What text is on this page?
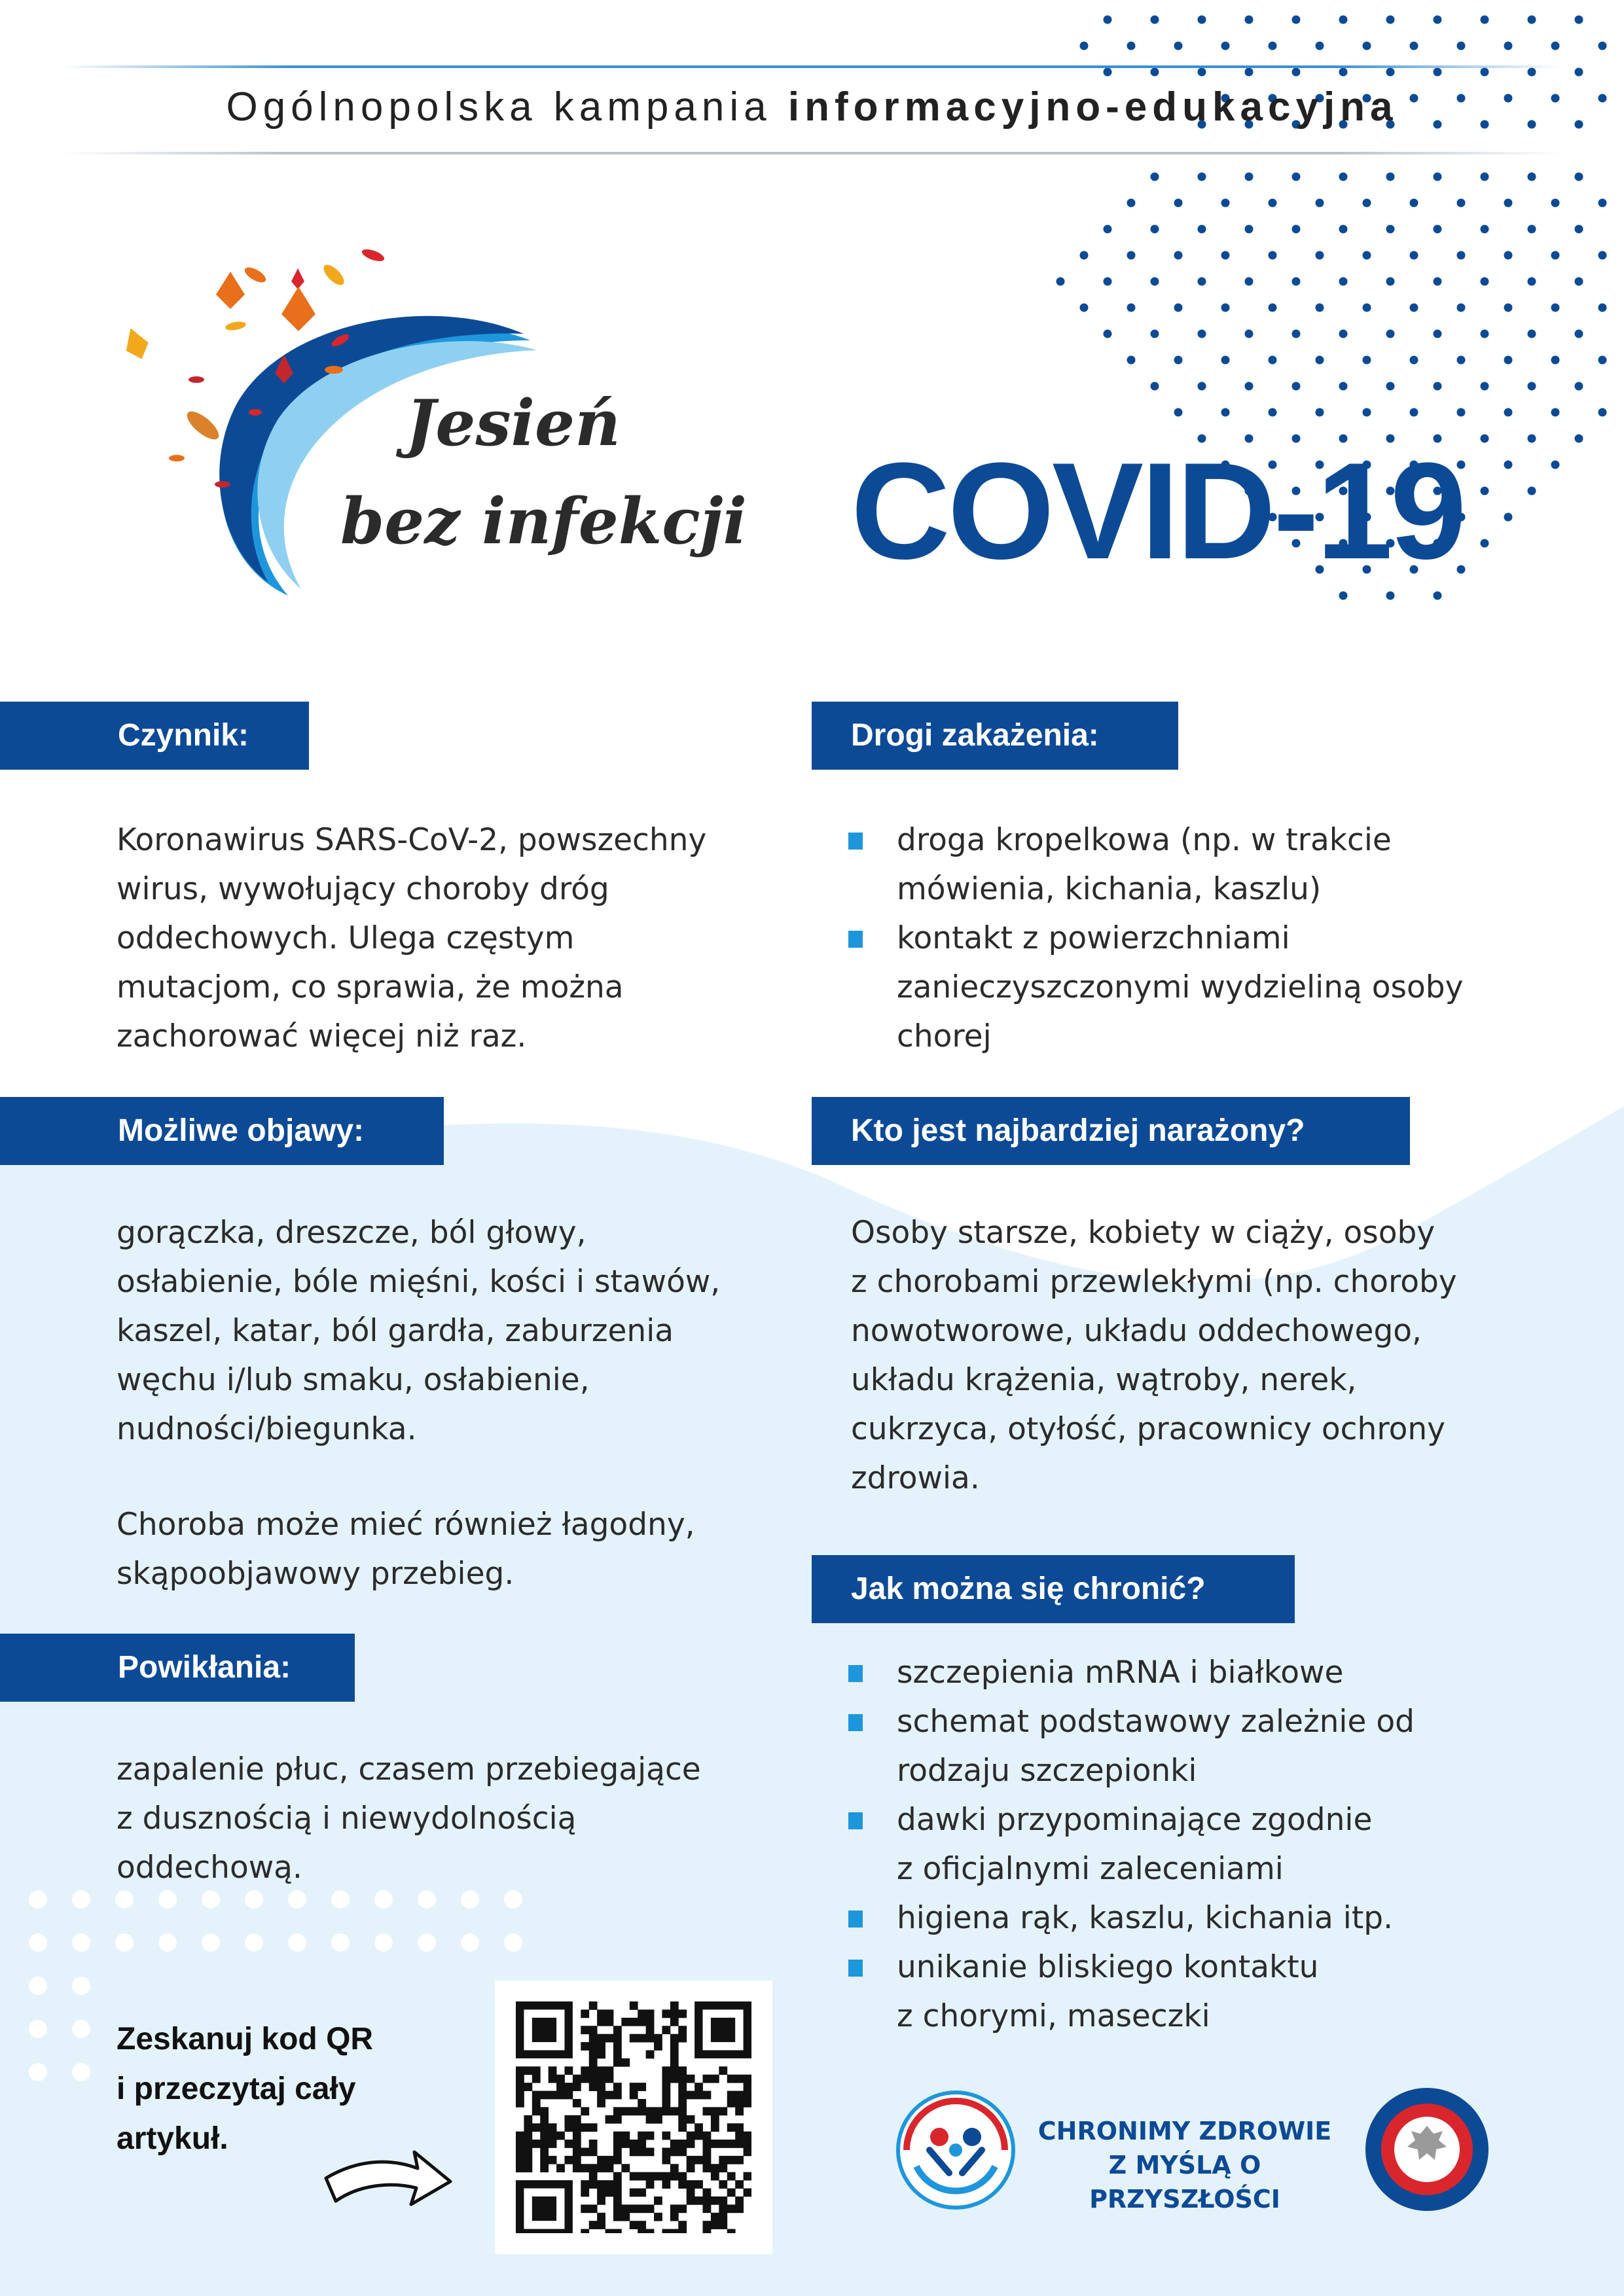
Ogólnopolska kampania informacyjno-edukacyjna
Jesień
bez infekcji COVID-19
Czynnik:	Drogi zakażenia:
Możliwe objawy:	Kto jest najbardziej narażony?
Powikłania:
Jak można się chronić?

Koronawirus SARS-CoV-2, powszechny
wirus, wywołujący choroby dróg
oddechowych. Ulega częstym
mutacjom, co sprawia, że można
zachorować więcej niż raz.

gorączka, dreszcze, ból głowy,
osłabienie, bóle mięśni, kości i stawów,
kaszel, katar, ból gardła, zaburzenia
węchu i/lub smaku, osłabienie,
nudności/biegunka.

Choroba może mieć również łagodny,
skąpoobjawowy przebieg.

zapalenie płuc, czasem przebiegające
z dusznością i niewydolnością
oddechową.

droga kropelkowa (np. w trakcie
mówienia, kichania, kaszlu)
kontakt z powierzchniami
zanieczyszczonymi wydzieliną osoby
chorej

Osoby starsze, kobiety w ciąży, osoby
z chorobami przewlekłymi (np. choroby
nowotworowe, układu oddechowego,
układu krążenia, wątroby, nerek,
cukrzyca, otyłość, pracownicy ochrony
zdrowia.

szczepienia mRNA i białkowe
schemat podstawowy zależnie od
rodzaju szczepionki
dawki przypominające zgodnie
z oficjalnymi zaleceniami
higiena rąk, kaszlu, kichania itp.
unikanie bliskiego kontaktu
z chorymi, maseczki
Zeskanuj kod QR
i przeczytaj cały
artykuł.	CHRONIMY ZDROWIE
Z MYŚLĄ O PRZYSZŁOŚCI
